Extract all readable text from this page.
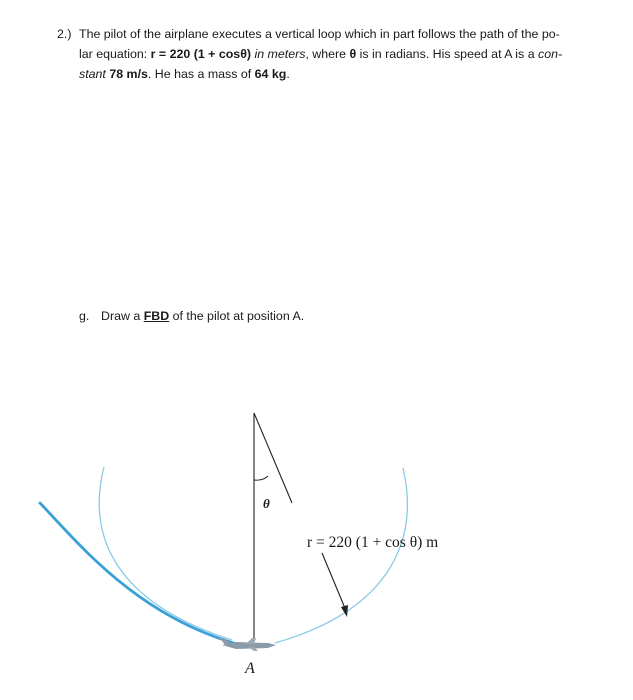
2.) The pilot of the airplane executes a vertical loop which in part follows the path of the po-
lar equation: r = 220 (1 + cosθ) in meters, where θ is in radians. His speed at A is a con-
stant 78 m/s. He has a mass of 64 kg.
g. Draw a FBD of the pilot at position A.
θ
r = 220 (1 + cos θ) m
A
